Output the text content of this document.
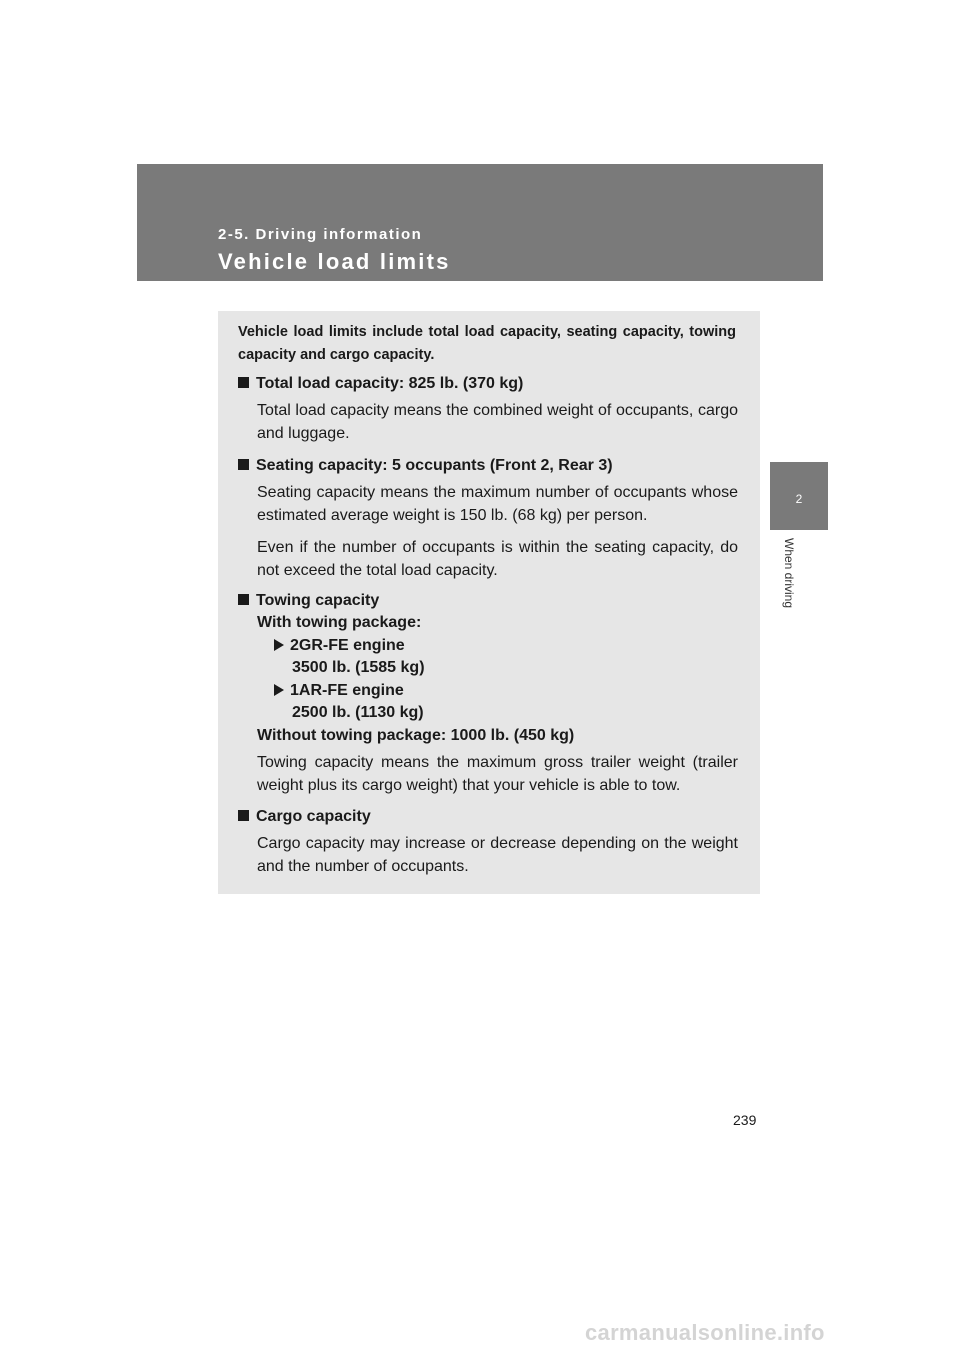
2-5. Driving information
Vehicle load limits
2
When driving
Vehicle load limits include total load capacity, seating capacity, towing capacity and cargo capacity.
Total load capacity: 825 lb. (370 kg)
Total load capacity means the combined weight of occupants, cargo and luggage.
Seating capacity: 5 occupants (Front 2, Rear 3)
Seating capacity means the maximum number of occupants whose estimated average weight is 150 lb. (68 kg) per person.
Even if the number of occupants is within the seating capacity, do not exceed the total load capacity.
Towing capacity
With towing package:
2GR-FE engine
3500 lb. (1585 kg)
1AR-FE engine
2500 lb. (1130 kg)
Without towing package: 1000 lb. (450 kg)
Towing capacity means the maximum gross trailer weight (trailer weight plus its cargo weight) that your vehicle is able to tow.
Cargo capacity
Cargo capacity may increase or decrease depending on the weight and the number of occupants.
239
carmanualsonline.info
